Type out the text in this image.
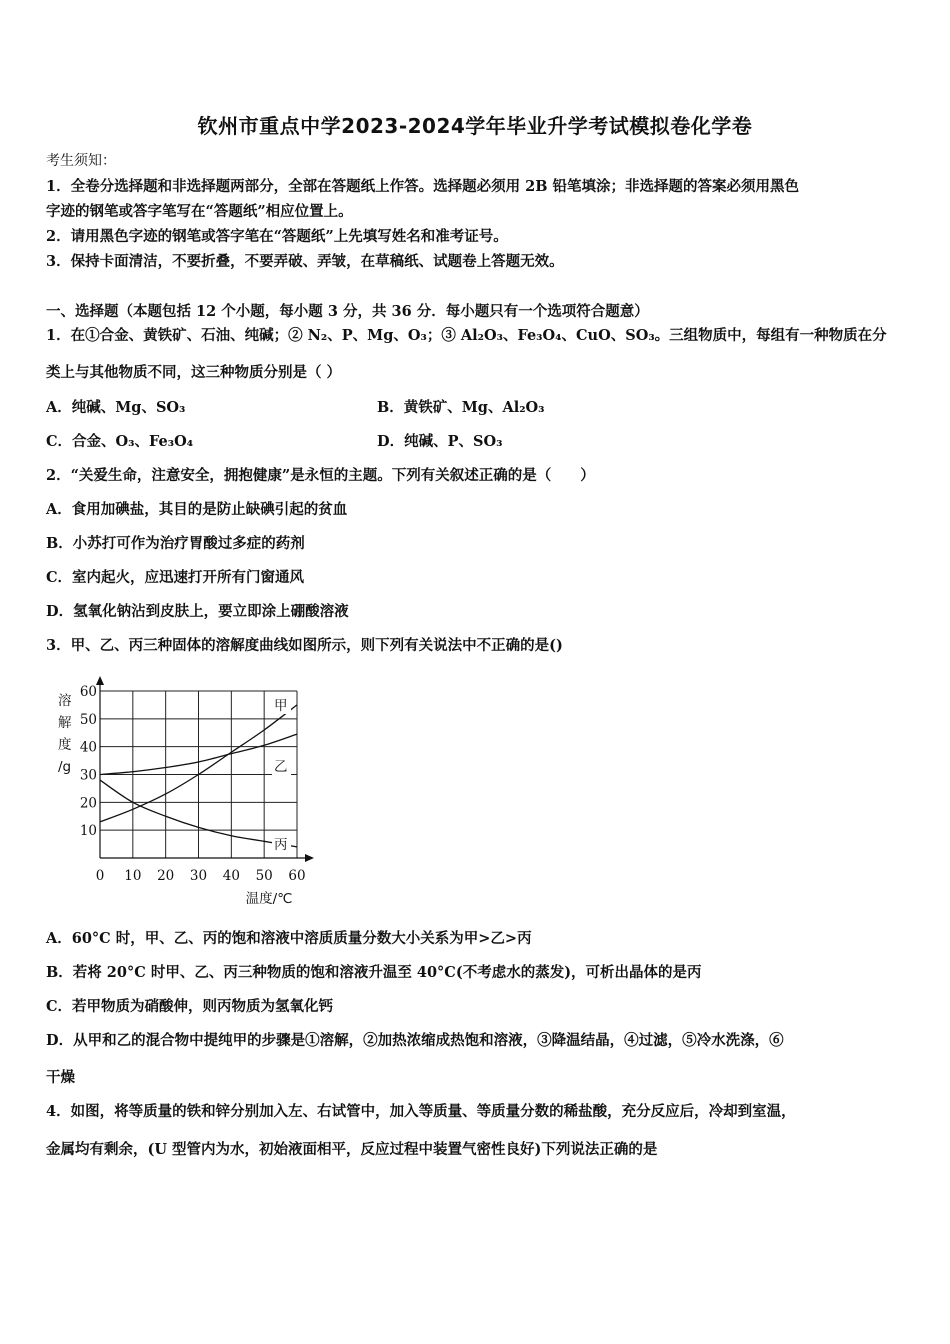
钦州市重点中学2023-2024学年毕业升学考试模拟卷化学卷
考生须知：
1．全卷分选择题和非选择题两部分，全部在答题纸上作答。选择题必须用 2B 铅笔填涂；非选择题的答案必须用黑色
字迹的钢笔或答字笔写在“答题纸”相应位置上。
2．请用黑色字迹的钢笔或答字笔在“答题纸”上先填写姓名和准考证号。
3．保持卡面清洁，不要折叠，不要弄破、弄皱，在草稿纸、试题卷上答题无效。
一、选择题（本题包括 12 个小题，每小题 3 分，共 36 分．每小题只有一个选项符合题意）
1．在①合金、黄铁矿、石油、纯碱；② N₂、P、Mg、O₃；③ Al₂O₃、Fe₃O₄、CuO、SO₃。三组物质中，每组有一种物质在分
类上与其他物质不同，这三种物质分别是（ ）
A．纯碱、Mg、SO₃	B．黄铁矿、Mg、Al₂O₃
C．合金、O₃、Fe₃O₄	D．纯碱、P、SO₃
2．“关爱生命，注意安全，拥抱健康”是永恒的主题。下列有关叙述正确的是（　　）
A．食用加碘盐，其目的是防止缺碘引起的贫血
B．小苏打可作为治疗胃酸过多症的药剂
C．室内起火，应迅速打开所有门窗通风
D．氢氧化钠沾到皮肤上，要立即涂上硼酸溶液
3．甲、乙、丙三种固体的溶解度曲线如图所示，则下列有关说法中不正确的是()
0 10 20 30 40 50 60
10
20
30
40
50
60
溶
解
度
/g
温度/℃
甲
乙
丙
A．60°C 时，甲、乙、丙的饱和溶液中溶质质量分数大小关系为甲>乙>丙
B．若将 20°C 时甲、乙、丙三种物质的饱和溶液升温至 40°C(不考虑水的蒸发)，可析出晶体的是丙
C．若甲物质为硝酸伸，则丙物质为氢氧化钙
D．从甲和乙的混合物中提纯甲的步骤是①溶解，②加热浓缩成热饱和溶液，③降温结晶，④过滤，⑤冷水洗涤，⑥
干燥
4．如图，将等质量的铁和锌分别加入左、右试管中，加入等质量、等质量分数的稀盐酸，充分反应后，冷却到室温，
金属均有剩余，(U 型管内为水，初始液面相平，反应过程中装置气密性良好)下列说法正确的是
